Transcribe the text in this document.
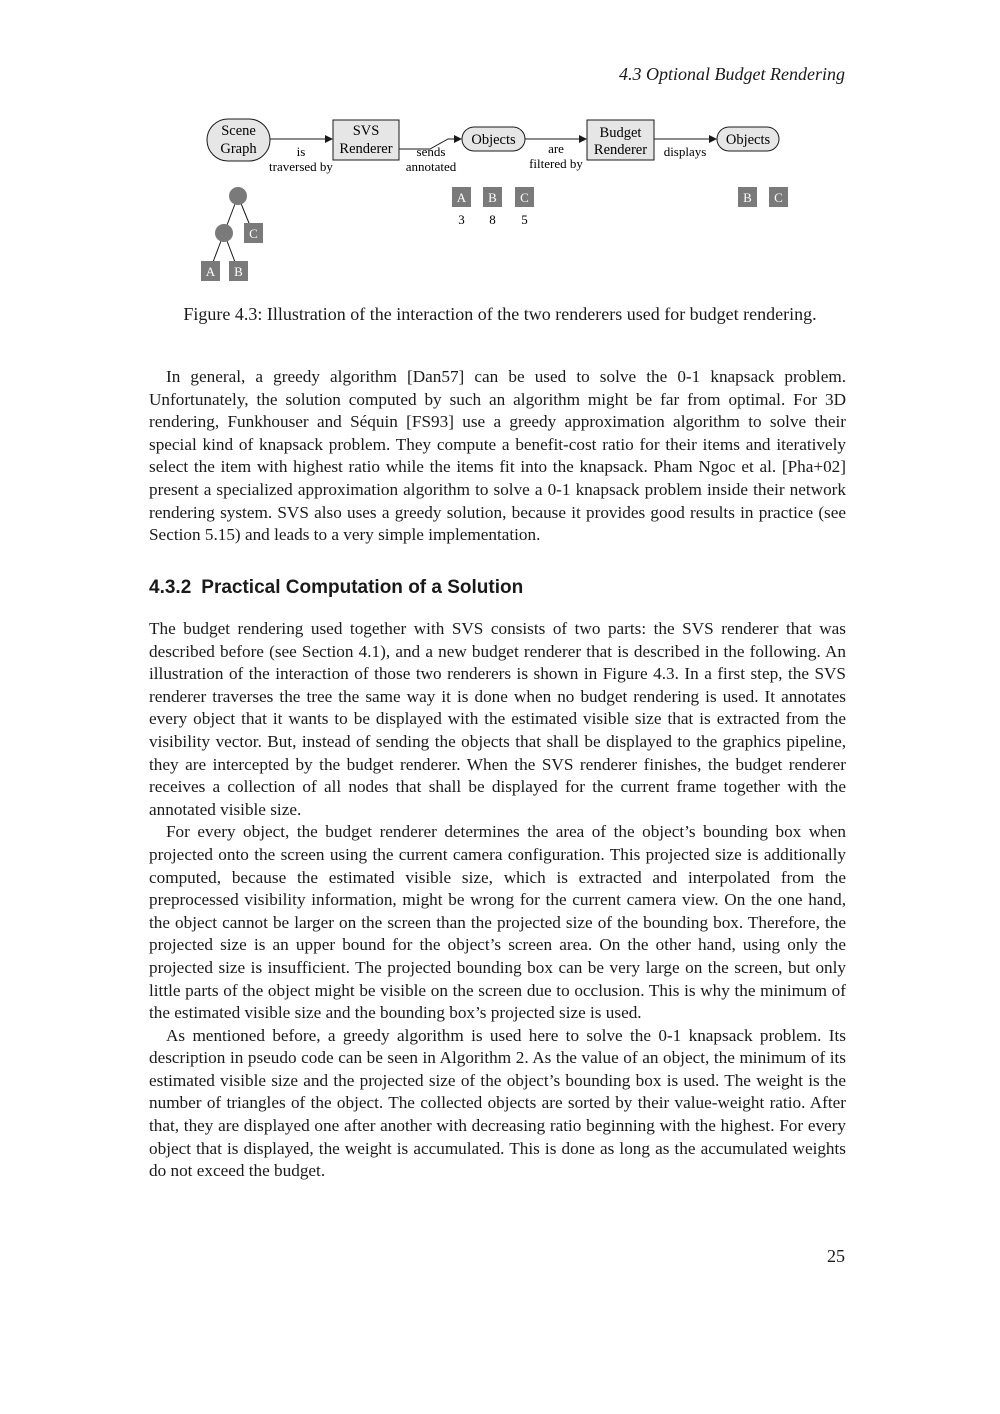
4.3 Optional Budget Rendering
Scene
Graph
SVS
Renderer
Objects	Budget
Renderer
Objects
is
traversed by
sends
annotated
are
filtered by
displays
C
A B
A
3
B
8
C
5
B C
Figure 4.3: Illustration of the interaction of the two renderers used for budget rendering.

In general, a greedy algorithm [Dan57] can be used to solve the 0-1 knapsack problem. Unfortunately, the solution computed by such an algorithm might be far from optimal. For 3D rendering, Funkhouser and Séquin [FS93] use a greedy approximation algorithm to solve their special kind of knapsack problem. They compute a benefit-cost ratio for their items and iteratively select the item with highest ratio while the items fit into the knapsack. Pham Ngoc et al. [Pha+02] present a specialized approximation algorithm to solve a 0-1 knapsack problem inside their network rendering system. SVS also uses a greedy solution, because it provides good results in practice (see Section 5.15) and leads to a very simple implementation.

4.3.2 Practical Computation of a Solution

The budget rendering used together with SVS consists of two parts: the SVS renderer that was described before (see Section 4.1), and a new budget renderer that is described in the following. An illustration of the interaction of those two renderers is shown in Figure 4.3. In a first step, the SVS renderer traverses the tree the same way it is done when no budget rendering is used. It annotates every object that it wants to be displayed with the estimated visible size that is extracted from the visibility vector. But, instead of sending the objects that shall be displayed to the graphics pipeline, they are intercepted by the budget renderer. When the SVS renderer finishes, the budget renderer receives a collection of all nodes that shall be displayed for the current frame together with the annotated visible size.

For every object, the budget renderer determines the area of the object’s bounding box when projected onto the screen using the current camera configuration. This projected size is additionally computed, because the estimated visible size, which is extracted and interpolated from the preprocessed visibility information, might be wrong for the current camera view. On the one hand, the object cannot be larger on the screen than the projected size of the bounding box. Therefore, the projected size is an upper bound for the object’s screen area. On the other hand, using only the projected size is insufficient. The projected bounding box can be very large on the screen, but only little parts of the object might be visible on the screen due to occlusion. This is why the minimum of the estimated visible size and the bounding box’s projected size is used.

As mentioned before, a greedy algorithm is used here to solve the 0-1 knapsack problem. Its description in pseudo code can be seen in Algorithm 2. As the value of an object, the minimum of its estimated visible size and the projected size of the object’s bounding box is used. The weight is the number of triangles of the object. The collected objects are sorted by their value-weight ratio. After that, they are displayed one after another with decreasing ratio beginning with the highest. For every object that is displayed, the weight is accumulated. This is done as long as the accumulated weights do not exceed the budget.

25
